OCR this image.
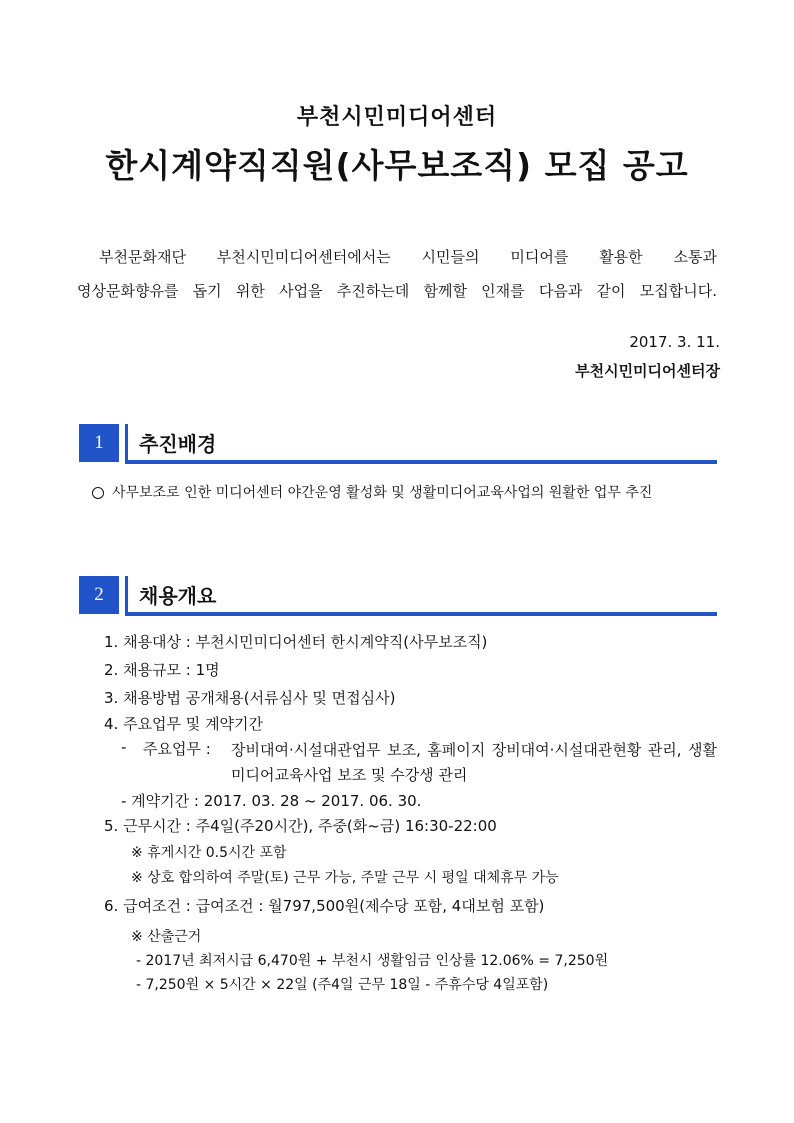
부천시민미디어센터
한시계약직직원(사무보조직) 모집 공고
부천문화재단 부천시민미디어센터에서는 시민들의 미디어를 활용한 소통과
영상문화향유를 돕기 위한 사업을 추진하는데 함께할 인재를 다음과 같이 모집합니다.
2017. 3. 11.
부천시민미디어센터장
1	추진배경
사무보조로 인한 미디어센터 야간운영 활성화 및 생활미디어교육사업의 원활한 업무 추진
2	채용개요
1. 채용대상 : 부천시민미디어센터 한시계약직(사무보조직)
2. 채용규모 : 1명
3. 채용방법 공개채용(서류심사 및 면접심사)
4. 주요업무 및 계약기간
- 주요업무 : 장비대여·시설대관업무 보조, 홈페이지 장비대여·시설대관현황 관리, 생활미디어교육사업 보조 및 수강생 관리
- 계약기간 : 2017. 03. 28 ~ 2017. 06. 30.
5. 근무시간 : 주4일(주20시간), 주중(화~금) 16:30-22:00
※ 휴게시간 0.5시간 포함
※ 상호 합의하여 주말(토) 근무 가능, 주말 근무 시 평일 대체휴무 가능
6. 급여조건 : 급여조건 : 월797,500원(제수당 포함, 4대보험 포함)
※ 산출근거
- 2017년 최저시급 6,470원 + 부천시 생활임금 인상률 12.06% = 7,250원
- 7,250원 × 5시간 × 22일 (주4일 근무 18일 - 주휴수당 4일포함)
